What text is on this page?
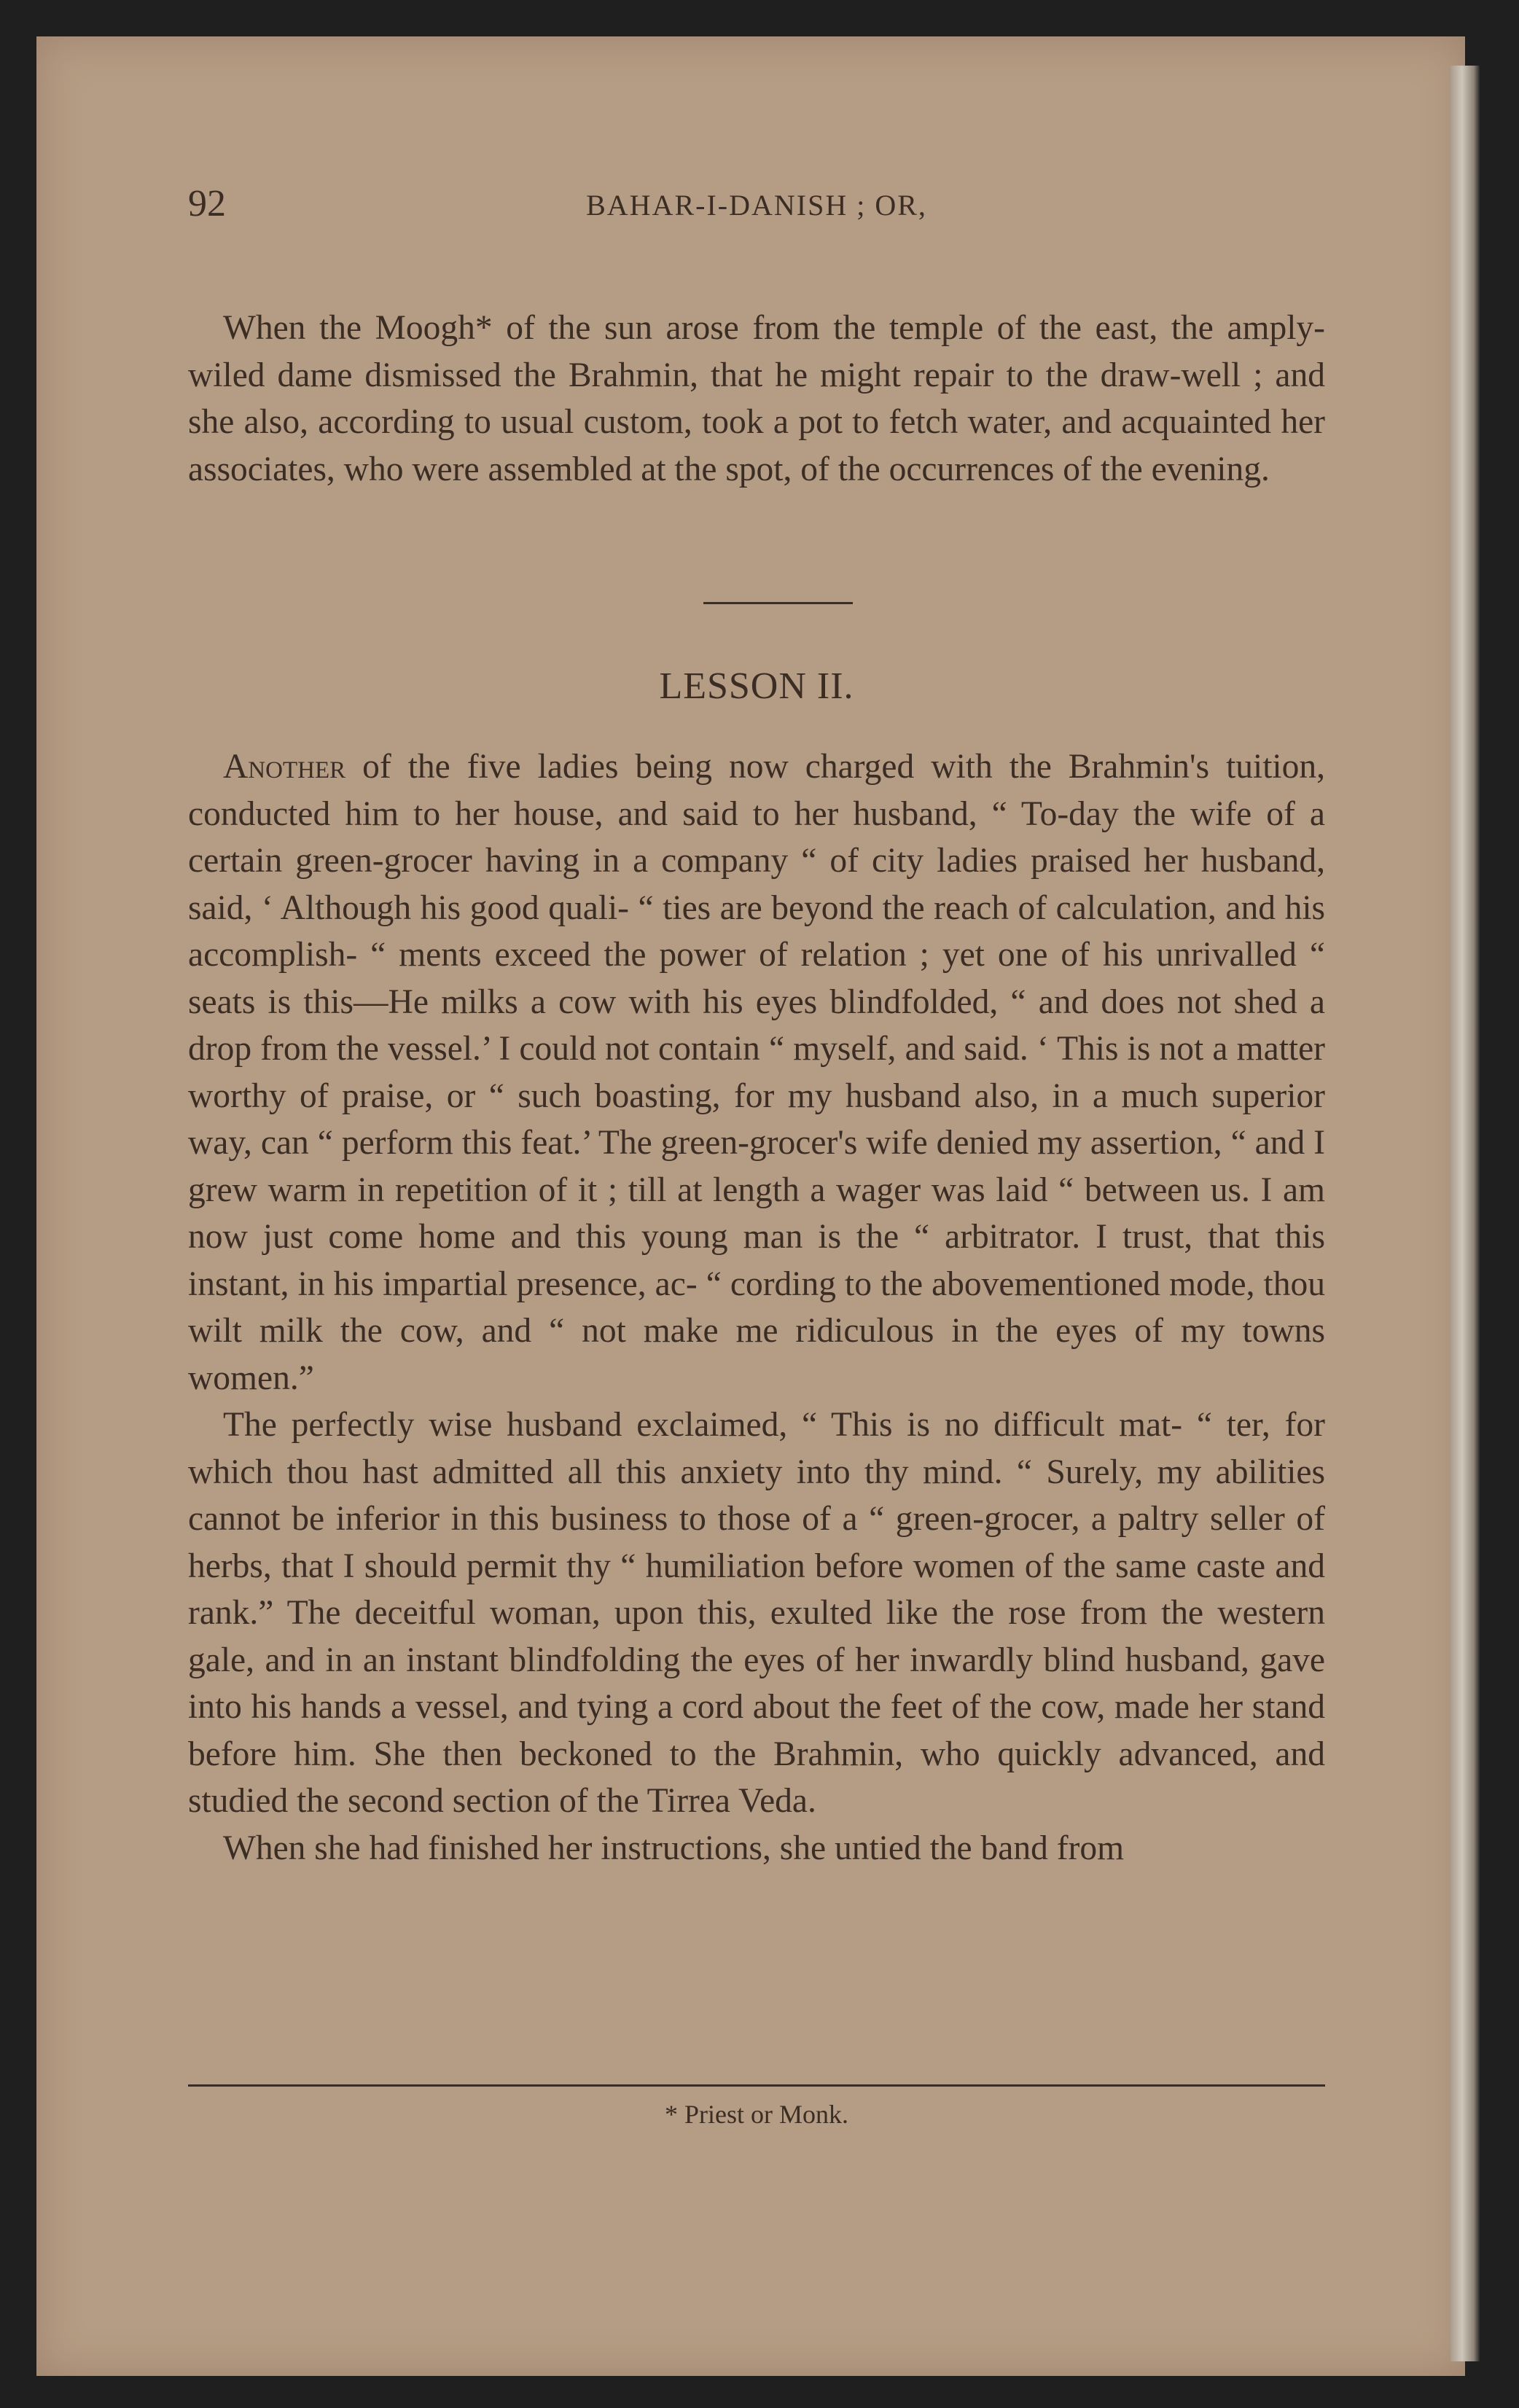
92	BAHAR-I-DANISH ; OR,

When the Moogh* of the sun arose from the temple of the east, the amply-wiled dame dismissed the Brahmin, that he might repair to the draw-well ; and she also, according to usual custom, took a pot to fetch water, and acquainted her associates, who were assembled at the spot, of the occurrences of the evening.

LESSON II.

Another of the five ladies being now charged with the Brahmin's tuition, conducted him to her house, and said to her husband, “ To-day the wife of a certain green-grocer having in a company “ of city ladies praised her husband, said, ‘ Although his good quali- “ ties are beyond the reach of calculation, and his accomplish- “ ments exceed the power of relation ; yet one of his unrivalled “ seats is this—He milks a cow with his eyes blindfolded, “ and does not shed a drop from the vessel.’ I could not contain “ myself, and said. ‘ This is not a matter worthy of praise, or “ such boasting, for my husband also, in a much superior way, can “ perform this feat.’ The green-grocer's wife denied my assertion, “ and I grew warm in repetition of it ; till at length a wager was laid “ between us. I am now just come home and this young man is the “ arbitrator. I trust, that this instant, in his impartial presence, ac- “ cording to the abovementioned mode, thou wilt milk the cow, and “ not make me ridiculous in the eyes of my towns women.”

The perfectly wise husband exclaimed, “ This is no difficult mat- “ ter, for which thou hast admitted all this anxiety into thy mind. “ Surely, my abilities cannot be inferior in this business to those of a “ green-grocer, a paltry seller of herbs, that I should permit thy “ humiliation before women of the same caste and rank.” The deceitful woman, upon this, exulted like the rose from the western gale, and in an instant blindfolding the eyes of her inwardly blind husband, gave into his hands a vessel, and tying a cord about the feet of the cow, made her stand before him. She then beckoned to the Brahmin, who quickly advanced, and studied the second section of the Tirrea Veda.

When she had finished her instructions, she untied the band from

* Priest or Monk.
